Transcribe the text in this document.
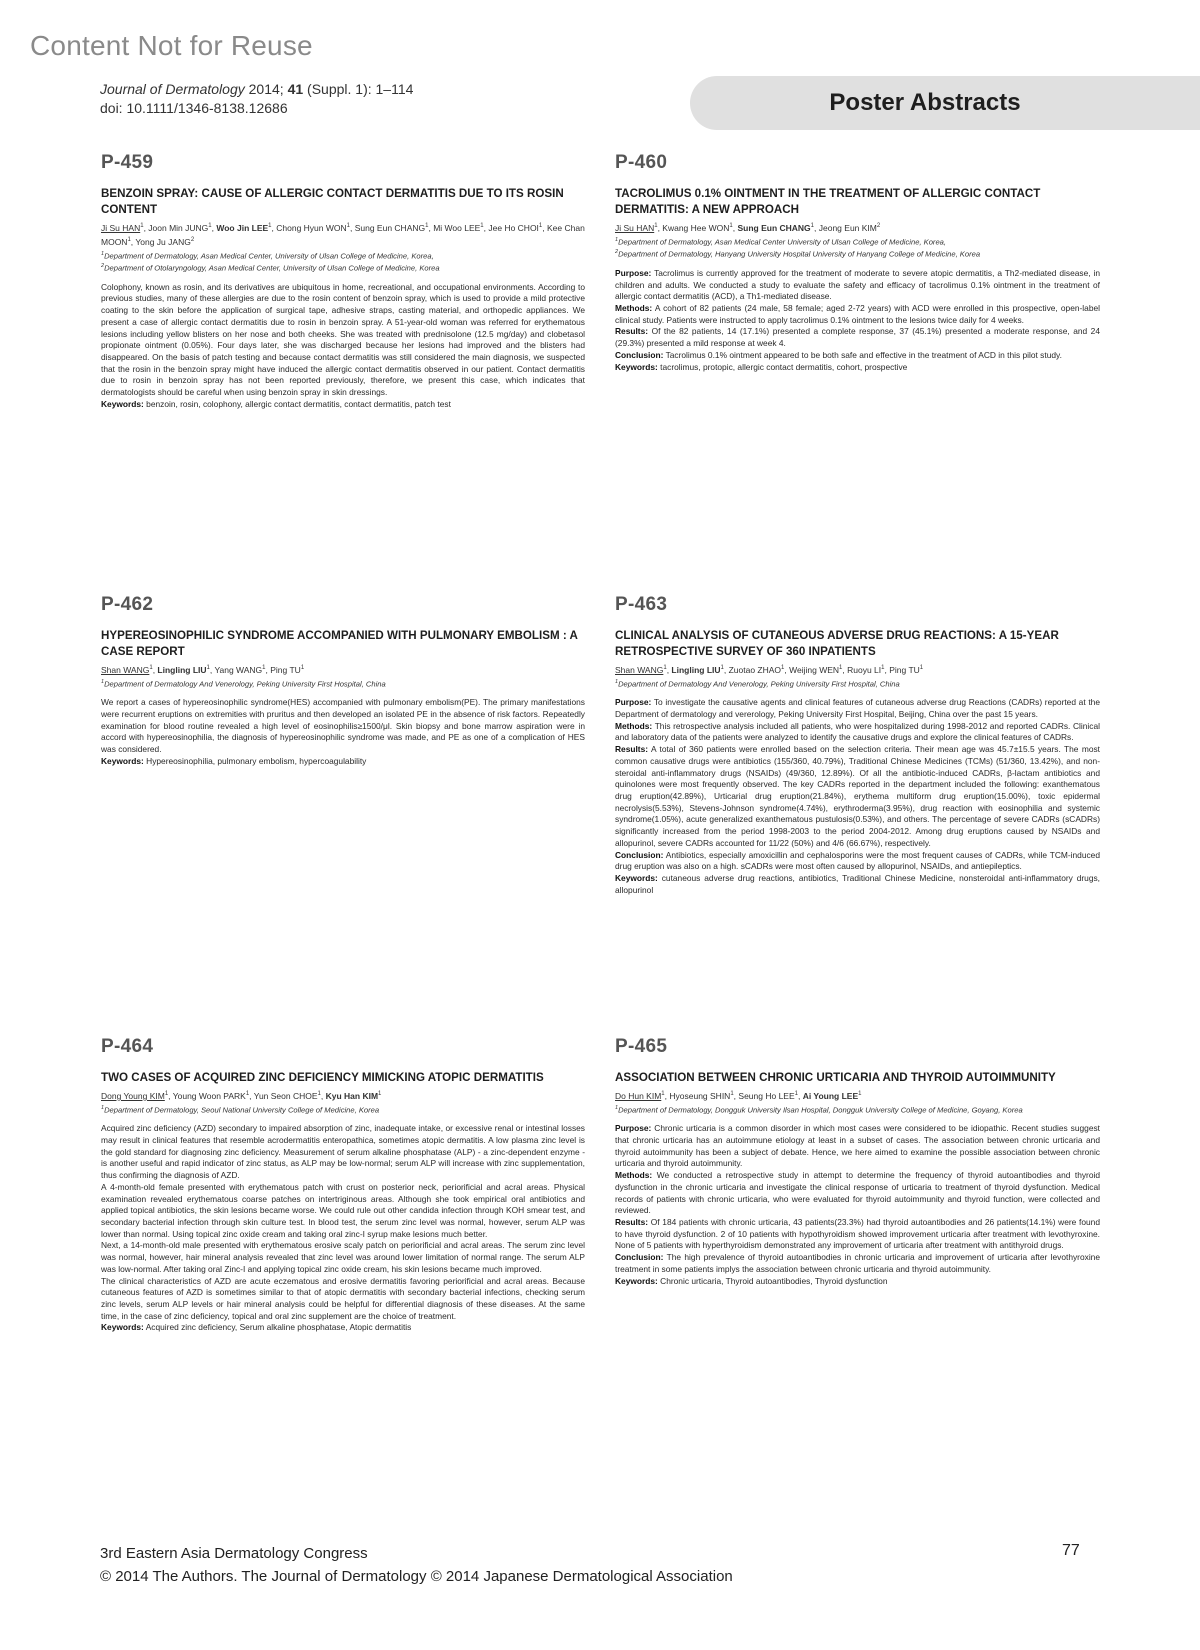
Content Not for Reuse
Journal of Dermatology 2014; 41 (Suppl. 1): 1–114
doi: 10.1111/1346-8138.12686	Poster Abstracts
P-459
BENZOIN SPRAY: CAUSE OF ALLERGIC CONTACT DERMATITIS DUE TO ITS ROSIN CONTENT
Ji Su HAN$^1$, Joon Min JUNG$^1$, Woo Jin LEE$^1$, Chong Hyun WON$^1$, Sung Eun CHANG$^1$, Mi Woo LEE$^1$, Jee Ho CHOI$^1$, Kee Chan MOON$^1$, Yong Ju JANG$^2$
$^1$Department of Dermatology, Asan Medical Center, University of Ulsan College of Medicine, Korea,
$^2$Department of Otolaryngology, Asan Medical Center, University of Ulsan College of Medicine, Korea

Colophony, known as rosin, and its derivatives are ubiquitous in home, recreational, and occupational environments. According to previous studies, many of these allergies are due to the rosin content of benzoin spray, which is used to provide a mild protective coating to the skin before the application of surgical tape, adhesive straps, casting material, and orthopedic appliances. We present a case of allergic contact dermatitis due to rosin in benzoin spray. A 51-year-old woman was referred for erythematous lesions including yellow blisters on her nose and both cheeks. She was treated with prednisolone (12.5 mg/day) and clobetasol propionate ointment (0.05%). Four days later, she was discharged because her lesions had improved and the blisters had disappeared. On the basis of patch testing and because contact dermatitis was still considered the main diagnosis, we suspected that the rosin in the benzoin spray might have induced the allergic contact dermatitis observed in our patient. Contact dermatitis due to rosin in benzoin spray has not been reported previously, therefore, we present this case, which indicates that dermatologists should be careful when using benzoin spray in skin dressings.

Keywords: benzoin, rosin, colophony, allergic contact dermatitis, contact dermatitis, patch test

P-460
TACROLIMUS 0.1% OINTMENT IN THE TREATMENT OF ALLERGIC CONTACT DERMATITIS: A NEW APPROACH
Ji Su HAN$^1$, Kwang Hee WON$^1$, Sung Eun CHANG$^1$, Jeong Eun KIM$^2$
$^1$Department of Dermatology, Asan Medical Center University of Ulsan College of Medicine, Korea,
$^2$Department of Dermatology, Hanyang University Hospital University of Hanyang College of Medicine, Korea

Purpose: Tacrolimus is currently approved for the treatment of moderate to severe atopic dermatitis, a Th2-mediated disease, in children and adults. We conducted a study to evaluate the safety and efficacy of tacrolimus 0.1% ointment in the treatment of allergic contact dermatitis (ACD), a Th1-mediated disease.

Methods: A cohort of 82 patients (24 male, 58 female; aged 2-72 years) with ACD were enrolled in this prospective, open-label clinical study. Patients were instructed to apply tacrolimus 0.1% ointment to the lesions twice daily for 4 weeks.

Results: Of the 82 patients, 14 (17.1%) presented a complete response, 37 (45.1%) presented a moderate response, and 24 (29.3%) presented a mild response at week 4.

Conclusion: Tacrolimus 0.1% ointment appeared to be both safe and effective in the treatment of ACD in this pilot study.

Keywords: tacrolimus, protopic, allergic contact dermatitis, cohort, prospective

P-462
HYPEREOSINOPHILIC SYNDROME ACCOMPANIED WITH PULMONARY EMBOLISM : A CASE REPORT
Shan WANG$^1$, Lingling LIU$^1$, Yang WANG$^1$, Ping $TU^1$
$^1$Department of Dermatology And Venerology, Peking University First Hospital, China

We report a cases of hypereosinophilic syndrome(HES) accompanied with pulmonary embolism(PE). The primary manifestations were recurrent eruptions on extremities with pruritus and then developed an isolated PE in the absence of risk factors. Repeatedly examination for blood routine revealed a high level of eosinophilis≥1500/μl. Skin biopsy and bone marrow aspiration were in accord with hypereosinophilia, the diagnosis of hypereosinophilic syndrome was made, and PE as one of a complication of HES was considered.

Keywords: Hypereosinophilia, pulmonary embolism, hypercoagulability

P-463
CLINICAL ANALYSIS OF CUTANEOUS ADVERSE DRUG REACTIONS: A 15-YEAR RETROSPECTIVE SURVEY OF 360 INPATIENTS
Shan WANG$^1$, Lingling LIU$^1$, Zuotao ZHAO$^1$, Weijing WEN$^1$, Ruoyu $LI^1$, Ping $TU^1$
$^1$Department of Dermatology And Venerology, Peking University First Hospital, China

Purpose: To investigate the causative agents and clinical features of cutaneous adverse drug Reactions (CADRs) reported at the Department of dermatology and vererology, Peking University First Hospital, Beijing, China over the past 15 years.

Methods: This retrospective analysis included all patients, who were hospitalized during 1998-2012 and reported CADRs. Clinical and laboratory data of the patients were analyzed to identify the causative drugs and explore the clinical features of CADRs.

Results: A total of 360 patients were enrolled based on the selection criteria. Their mean age was 45.7±15.5 years. The most common causative drugs were antibiotics (155/360, 40.79%), Traditional Chinese Medicines (TCMs) (51/360, 13.42%), and non-steroidal anti-inflammatory drugs (NSAIDs) (49/360, 12.89%). Of all the antibiotic-induced CADRs, β-lactam antibiotics and quinolones were most frequently observed. The key CADRs reported in the department included the following: exanthematous drug eruption(42.89%), Urticarial drug eruption(21.84%), erythema multiform drug eruption(15.00%), toxic epidermal necrolysis(5.53%), Stevens-Johnson syndrome(4.74%), erythroderma(3.95%), drug reaction with eosinophilia and systemic syndrome(1.05%), acute generalized exanthematous pustulosis(0.53%), and others. The percentage of severe CADRs (sCADRs) significantly increased from the period 1998-2003 to the period 2004-2012. Among drug eruptions caused by NSAIDs and allopurinol, severe CADRs accounted for 11/22 (50%) and 4/6 (66.67%), respectively.

Conclusion: Antibiotics, especially amoxicillin and cephalosporins were the most frequent causes of CADRs, while TCM-induced drug eruption was also on a high. sCADRs were most often caused by allopurinol, NSAIDs, and antiepileptics.

Keywords: cutaneous adverse drug reactions, antibiotics, Traditional Chinese Medicine, nonsteroidal anti-inflammatory drugs, allopurinol

P-464
TWO CASES OF ACQUIRED ZINC DEFICIENCY MIMICKING ATOPIC DERMATITIS
Dong Young KIM$^1$, Young Woon PARK$^1$, Yun Seon CHOE$^1$, Kyu Han KIM$^1$
$^1$Department of Dermatology, Seoul National University College of Medicine, Korea

Acquired zinc deficiency (AZD) secondary to impaired absorption of zinc, inadequate intake, or excessive renal or intestinal losses may result in clinical features that resemble acrodermatitis enteropathica, sometimes atopic dermatitis. A low plasma zinc level is the gold standard for diagnosing zinc deficiency. Measurement of serum alkaline phosphatase (ALP) - a zinc-dependent enzyme - is another useful and rapid indicator of zinc status, as ALP may be low-normal; serum ALP will increase with zinc supplementation, thus confirming the diagnosis of AZD.

A 4-month-old female presented with erythematous patch with crust on posterior neck, periorificial and acral areas. Physical examination revealed erythematous coarse patches on intertriginous areas. Although she took empirical oral antibiotics and applied topical antibiotics, the skin lesions became worse. We could rule out other candida infection through KOH smear test, and secondary bacterial infection through skin culture test. In blood test, the serum zinc level was normal, however, serum ALP was lower than normal. Using topical zinc oxide cream and taking oral zinc-I syrup make lesions much better.

Next, a 14-month-old male presented with erythematous erosive scaly patch on periorificial and acral areas. The serum zinc level was normal, however, hair mineral analysis revealed that zinc level was around lower limitation of normal range. The serum ALP was low-normal. After taking oral Zinc-I and applying topical zinc oxide cream, his skin lesions became much improved.

The clinical characteristics of AZD are acute eczematous and erosive dermatitis favoring periorificial and acral areas. Because cutaneous features of AZD is sometimes similar to that of atopic dermatitis with secondary bacterial infections, checking serum zinc levels, serum ALP levels or hair mineral analysis could be helpful for differential diagnosis of these diseases. At the same time, in the case of zinc deficiency, topical and oral zinc supplement are the choice of treatment.

Keywords: Acquired zinc deficiency, Serum alkaline phosphatase, Atopic dermatitis

P-465
ASSOCIATION BETWEEN CHRONIC URTICARIA AND THYROID AUTOIMMUNITY
Do Hun KIM$^1$, Hyoseung SHIN$^1$, Seung Ho LEE$^1$, Ai Young LEE$^1$
$^1$Department of Dermatology, Dongguk University Ilsan Hospital, Dongguk University College of Medicine, Goyang, Korea

Purpose: Chronic urticaria is a common disorder in which most cases were considered to be idiopathic. Recent studies suggest that chronic urticaria has an autoimmune etiology at least in a subset of cases. The association between chronic urticaria and thyroid autoimmunity has been a subject of debate. Hence, we here aimed to examine the possible association between chronic urticaria and thyroid autoimmunity.

Methods: We conducted a retrospective study in attempt to determine the frequency of thyroid autoantibodies and thyroid dysfunction in the chronic urticaria and investigate the clinical response of urticaria to treatment of thyroid dysfunction. Medical records of patients with chronic urticaria, who were evaluated for thyroid autoimmunity and thyroid function, were collected and reviewed.

Results: Of 184 patients with chronic urticaria, 43 patients(23.3%) had thyroid autoantibodies and 26 patients(14.1%) were found to have thyroid dysfunction. 2 of 10 patients with hypothyroidism showed improvement urticaria after treatment with levothyroxine. None of 5 patients with hyperthyroidism demonstrated any improvement of urticaria after treatment with antithyroid drugs.

Conclusion: The high prevalence of thyroid autoantibodies in chronic urticaria and improvement of urticaria after levothyroxine treatment in some patients implys the association between chronic urticaria and thyroid autoimmunity.

Keywords: Chronic urticaria, Thyroid autoantibodies, Thyroid dysfunction

3rd Eastern Asia Dermatology Congress
© 2014 The Authors. The Journal of Dermatology © 2014 Japanese Dermatological Association
77
